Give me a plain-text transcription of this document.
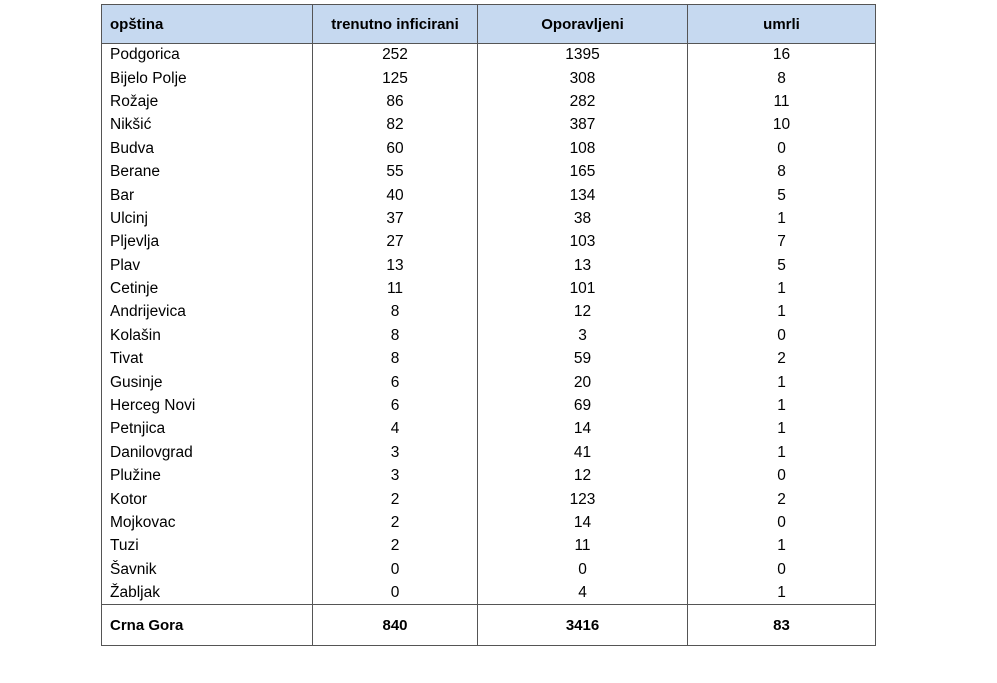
opština	trenutno inficirani	Oporavljeni	umrli
Podgorica	252	1395	16
Bijelo Polje	125	308	8
Rožaje	86	282	11
Nikšić	82	387	10
Budva	60	108	0
Berane	55	165	8
Bar	40	134	5
Ulcinj	37	38	1
Pljevlja	27	103	7
Plav	13	13	5
Cetinje	11	101	1
Andrijevica	8	12	1
Kolašin	8	3	0
Tivat	8	59	2
Gusinje	6	20	1
Herceg Novi	6	69	1
Petnjica	4	14	1
Danilovgrad	3	41	1
Plužine	3	12	0
Kotor	2	123	2
Mojkovac	2	14	0
Tuzi	2	11	1
Šavnik	0	0	0
Žabljak	0	4	1
Crna Gora	840	3416	83
